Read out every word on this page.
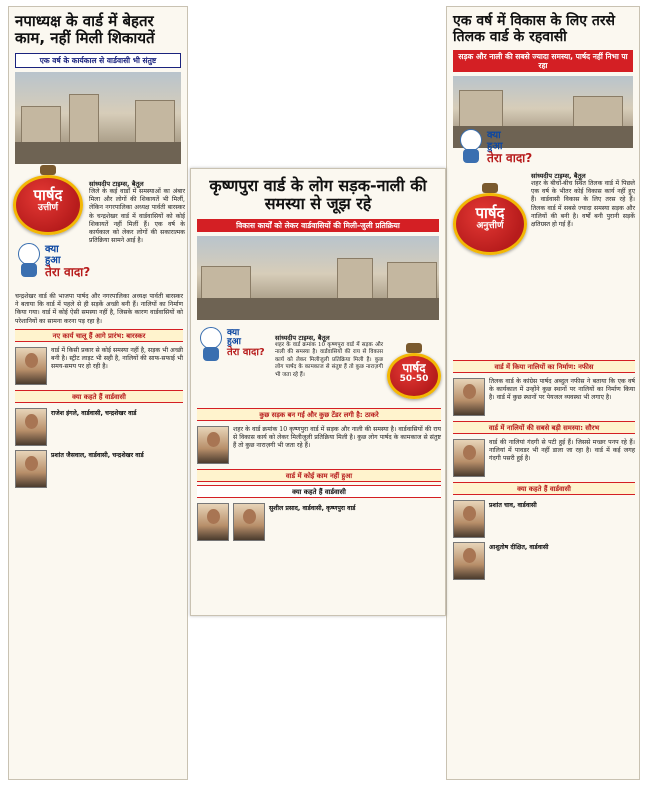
नपाध्यक्ष के वार्ड में बेहतर काम, नहीं मिली शिकायतें
एक वर्ष के कार्यकाल से वार्डवासी भी संतुष्ट
पार्षद
उत्तीर्ण
सांध्यदीप टाइम्स, बैतूल
जिले के कई वार्डों में समस्याओं का अंबार मिला और लोगों की शिकायतें भी मिलीं, लेकिन नगरपालिका अध्यक्ष पार्वती बारस्कर के चन्द्रशेखर वार्ड में वार्डवासियों को कोई शिकायतें नहीं मिलीं हैं। एक वर्ष के कार्यकाल को लेकर लोगों की सकारात्मक प्रतिक्रिया सामने आई है।
क्या
हुआ
तेरा वादा?
चन्द्रशेखर वार्ड की भाजपा पार्षद और नगरपालिका अध्यक्ष पार्वती बारस्कर ने बताया कि वार्ड में पहले से ही सड़कें अच्छी बनी हैं। नालियों का निर्माण किया गया। वार्ड में कोई ऐसी समस्या नहीं है, जिसके कारण वार्डवासियों को परेशानियों का सामना करना पड़ रहा है।
नए कार्य चालू हैं आगे प्रारंभ: बारस्कर
वार्ड में किसी प्रकार से कोई समस्या नहीं है, सड़क भी अच्छी बनी है। स्ट्रीट लाइट भी सही है, नालियों की साफ-सफाई भी समय-समय पर हो रही है।
क्या कहते हैं वार्डवासी
राजेश इंगले, वार्डवासी, चन्द्रशेखर वार्ड
प्रशांत जैसवाल, वार्डवासी, चन्द्रशेखर वार्ड
कृष्णपुरा वार्ड के लोग सड़क-नाली की समस्या से जूझ रहे
विकास कार्यों को लेकर वार्डवासियों की मिली-जुली प्रतिक्रिया
क्या
हुआ
तेरा वादा?
सांध्यदीप टाइम्स, बैतूल
शहर के वार्ड क्रमांक 10 कृष्णपुरा वार्ड में सड़क और नाली की समस्या है। वार्डवासियों की राय से विकास कार्य को लेकर मिलीजुली प्रतिक्रिया मिली है। कुछ लोग पार्षद के कामकाज से संतुष्ट हैं तो कुछ नाराज़गी भी जता रहे हैं।	पार्षद
50-50
कुछ सड़क बन गई और कुछ टेंडर लगी है: ठाकरे
शहर के वार्ड क्रमांक 10 कृष्णपुरा वार्ड में सड़क और नाली की समस्या है। वार्डवासियों की राय से विकास कार्य को लेकर मिलीजुली प्रतिक्रिया मिली है। कुछ लोग पार्षद के कामकाज से संतुष्ट हैं तो कुछ नाराज़गी भी जता रहे हैं।
वार्ड में कोई काम नहीं हुआ
क्या कहते हैं वार्डवासी
सुशील प्रसाद, वार्डवासी, कृष्णपुरा वार्ड
एक वर्ष में विकास के लिए तरसे तिलक वार्ड के रहवासी
सड़क और नाली की सबसे ज्यादा समस्या, पार्षद नहीं निभा पा रहा
क्या
हुआ
तेरा वादा?
पार्षद
अनुत्तीर्ण
सांध्यदीप टाइम्स, बैतूल
शहर के बीचों-बीच स्थित तिलक वार्ड में पिछले एक वर्ष के भीतर कोई विकास कार्य नहीं हुए हैं। वार्डवासी विकास के लिए तरस रहे हैं। तिलक वार्ड में सबसे ज्यादा समस्या सड़क और नालियों की बनी है। वर्षों बनी पुरानी सड़कें क्षतिग्रस्त हो गई हैं।
वार्ड में किया नालियों का निर्माण: नफीस
तिलक वार्ड के कांग्रेस पार्षद अब्दुल नफीस ने बताया कि एक वर्ष के कार्यकाल में उन्होंने कुछ स्थानों पर नालियों का निर्माण किया है। वार्ड में कुछ स्थानों पर पेयजल व्यवस्था भी लगाए है।
वार्ड में नालियों की सबसे बड़ी समस्या: सौरभ
वार्ड की नालियां गंदगी से पटी हुई हैं। जिससे मच्छर पनप रहे हैं। नालियां में पावडर भी नहीं डाला जा रहा है। वार्ड में कई जगह गंदगी पसरी हुई है।
क्या कहते हैं वार्डवासी
प्रशांत चाव, वार्डवासी
आशुतोष दीक्षित, वार्डवासी
